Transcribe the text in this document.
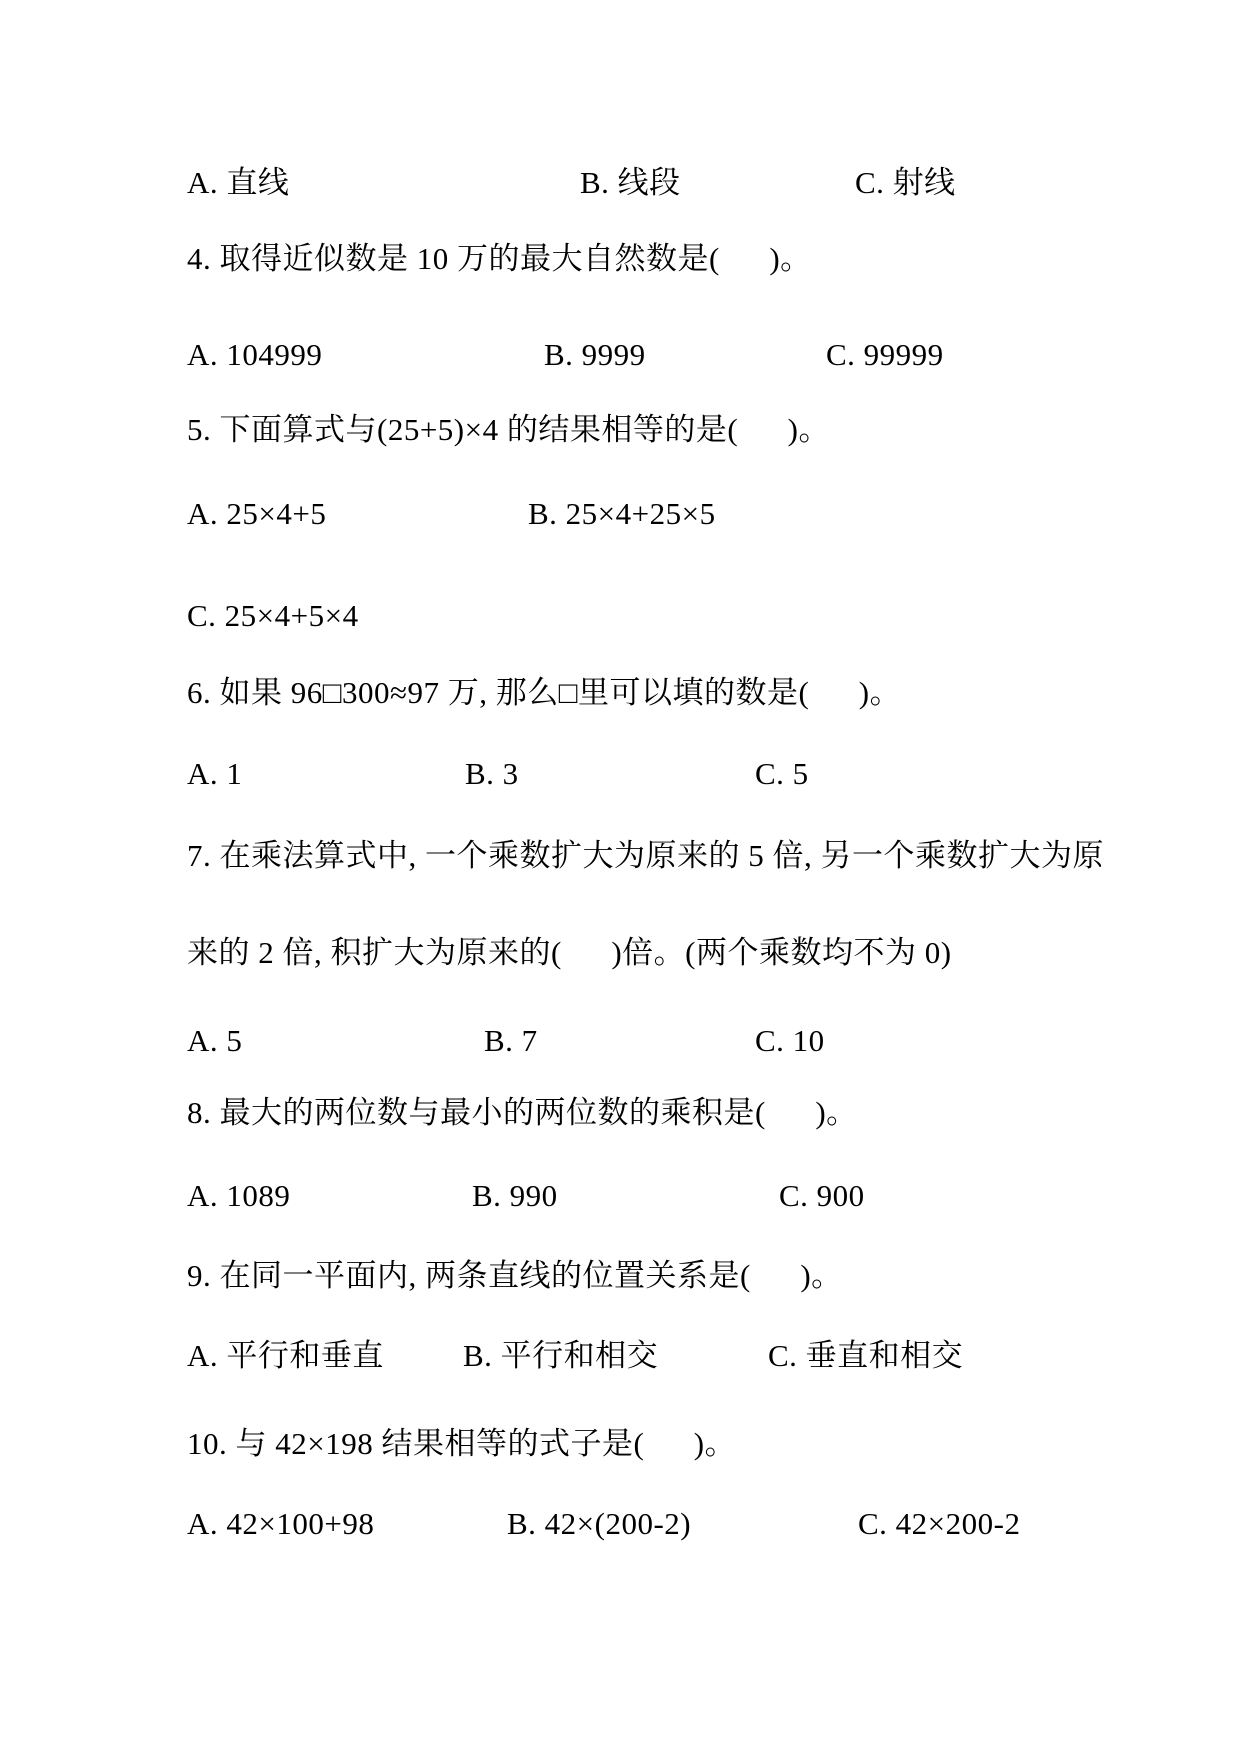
A. 直线	B. 线段	C. 射线
4. 取得近似数是 10 万的最大自然数是(      )。
A. 104999	B. 9999	C. 99999
5. 下面算式与(25+5)×4 的结果相等的是(      )。
A. 25×4+5	B. 25×4+25×5
C. 25×4+5×4
6. 如果 96□300≈97 万, 那么□里可以填的数是(      )。
A. 1	B. 3	C. 5
7. 在乘法算式中, 一个乘数扩大为原来的 5 倍, 另一个乘数扩大为原
来的 2 倍, 积扩大为原来的(      )倍。(两个乘数均不为 0)
A. 5	B. 7	C. 10
8. 最大的两位数与最小的两位数的乘积是(      )。
A. 1089	B. 990	C. 900
9. 在同一平面内, 两条直线的位置关系是(      )。
A. 平行和垂直	B. 平行和相交	C. 垂直和相交
10. 与 42×198 结果相等的式子是(      )。
A. 42×100+98	B. 42×(200-2)	C. 42×200-2
